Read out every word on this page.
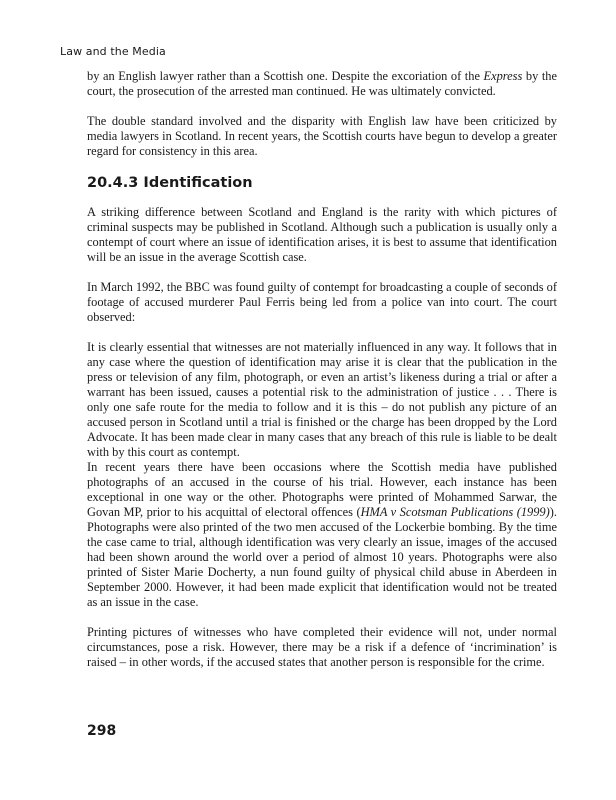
Law and the Media

by an English lawyer rather than a Scottish one. Despite the excoriation of the Express by the court, the prosecution of the arrested man continued. He was ultimately convicted.

The double standard involved and the disparity with English law have been criticized by media lawyers in Scotland. In recent years, the Scottish courts have begun to develop a greater regard for consistency in this area.

20.4.3 Identification

A striking difference between Scotland and England is the rarity with which pictures of criminal suspects may be published in Scotland. Although such a publication is usually only a contempt of court where an issue of identification arises, it is best to assume that identification will be an issue in the average Scottish case.

In March 1992, the BBC was found guilty of contempt for broadcasting a couple of seconds of footage of accused murderer Paul Ferris being led from a police van into court. The court observed:

It is clearly essential that witnesses are not materially influenced in any way. It follows that in any case where the question of identification may arise it is clear that the publication in the press or television of any film, photograph, or even an artist’s likeness during a trial or after a warrant has been issued, causes a potential risk to the administration of justice . . . There is only one safe route for the media to follow and it is this – do not publish any picture of an accused person in Scotland until a trial is finished or the charge has been dropped by the Lord Advocate. It has been made clear in many cases that any breach of this rule is liable to be dealt with by this court as contempt.

In recent years there have been occasions where the Scottish media have published photographs of an accused in the course of his trial. However, each instance has been exceptional in one way or the other. Photographs were printed of Mohammed Sarwar, the Govan MP, prior to his acquittal of electoral offences (HMA v Scotsman Publications (1999)). Photographs were also printed of the two men accused of the Lockerbie bombing. By the time the case came to trial, although identification was very clearly an issue, images of the accused had been shown around the world over a period of almost 10 years. Photographs were also printed of Sister Marie Docherty, a nun found guilty of physical child abuse in Aberdeen in September 2000. However, it had been made explicit that identification would not be treated as an issue in the case.

Printing pictures of witnesses who have completed their evidence will not, under normal circumstances, pose a risk. However, there may be a risk if a defence of ‘incrimination’ is raised – in other words, if the accused states that another person is responsible for the crime.

298
